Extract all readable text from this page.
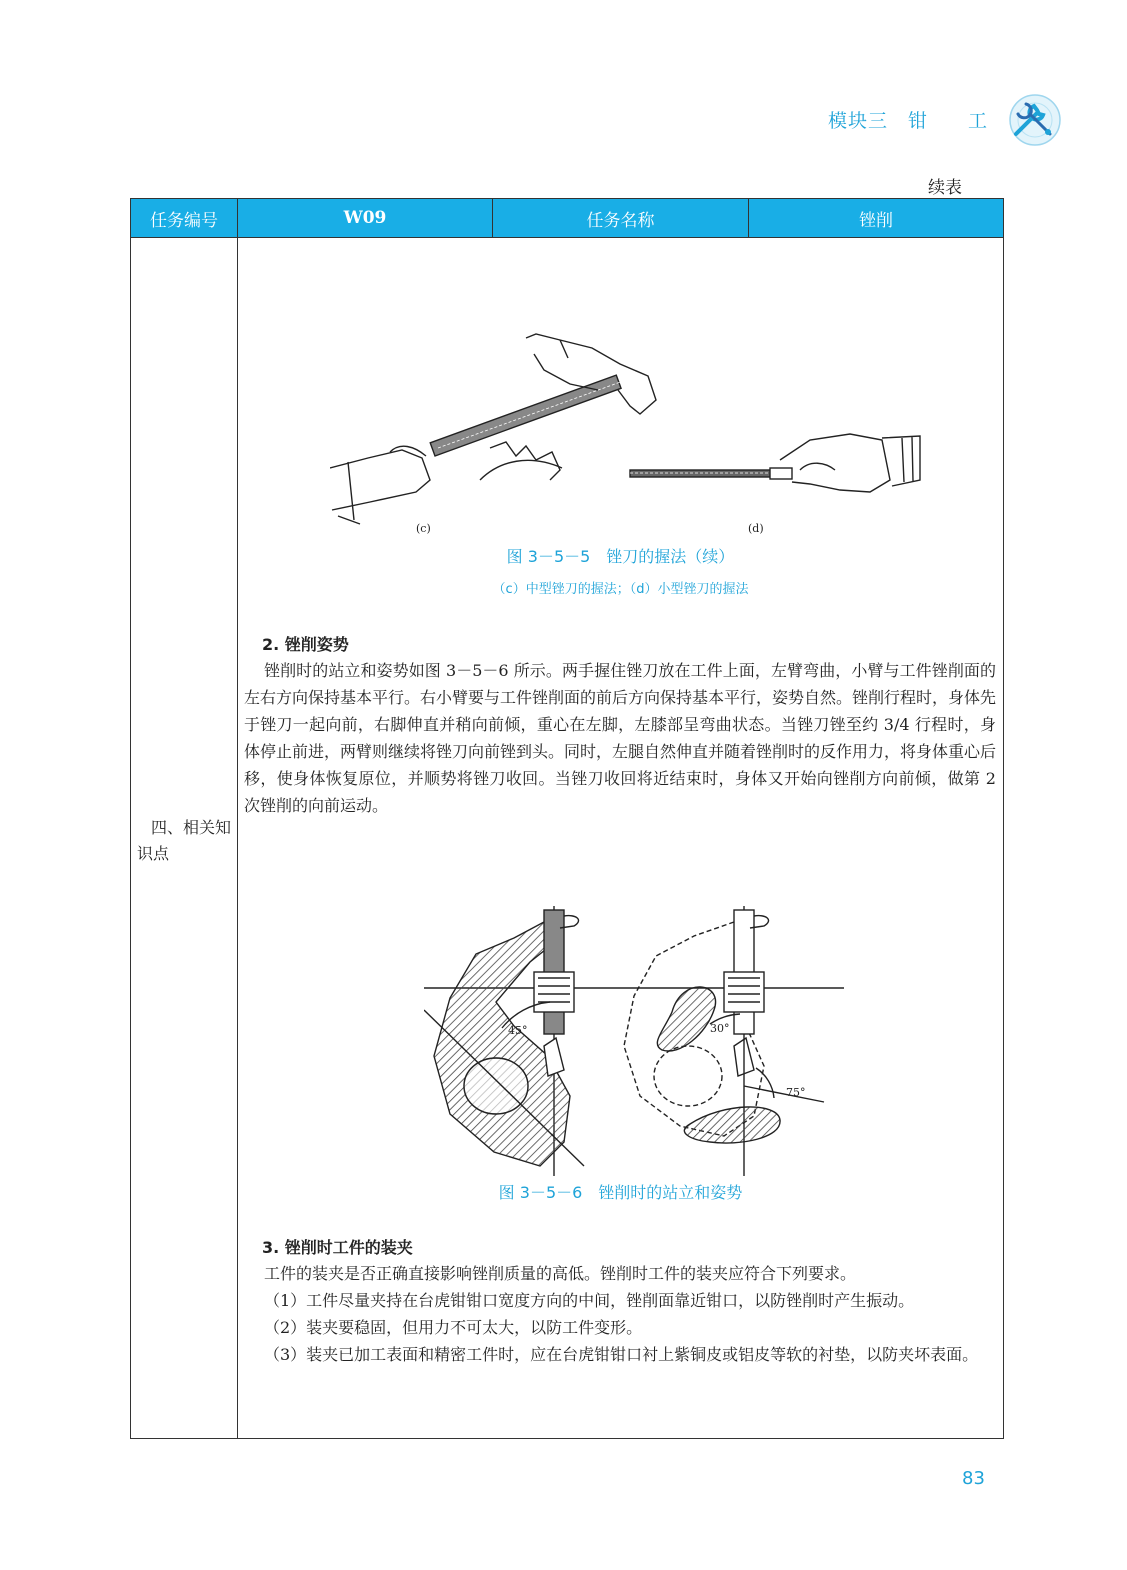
模块三　钳　　工
续表
任务编号	W09	任务名称	锉削
四、相关知识点
(c)	(d)
图 3－5－5　锉刀的握法（续）
（c）中型锉刀的握法；（d）小型锉刀的握法
2. 锉削姿势

锉削时的站立和姿势如图 3－5－6 所示。两手握住锉刀放在工件上面，左臂弯曲，小臂与工件锉削面的左右方向保持基本平行。右小臂要与工件锉削面的前后方向保持基本平行，姿势自然。锉削行程时，身体先于锉刀一起向前，右脚伸直并稍向前倾，重心在左脚，左膝部呈弯曲状态。当锉刀锉至约 3/4 行程时，身体停止前进，两臂则继续将锉刀向前锉到头。同时，左腿自然伸直并随着锉削时的反作用力，将身体重心后移，使身体恢复原位，并顺势将锉刀收回。当锉刀收回将近结束时，身体又开始向锉削方向前倾，做第 2 次锉削的向前运动。

45°	30°
75°
图 3－5－6　锉削时的站立和姿势
3. 锉削时工件的装夹

工件的装夹是否正确直接影响锉削质量的高低。锉削时工件的装夹应符合下列要求。

（1）工件尽量夹持在台虎钳钳口宽度方向的中间，锉削面靠近钳口，以防锉削时产生振动。

（2）装夹要稳固，但用力不可太大，以防工件变形。

（3）装夹已加工表面和精密工件时，应在台虎钳钳口衬上紫铜皮或铝皮等软的衬垫，以防夹坏表面。

83
